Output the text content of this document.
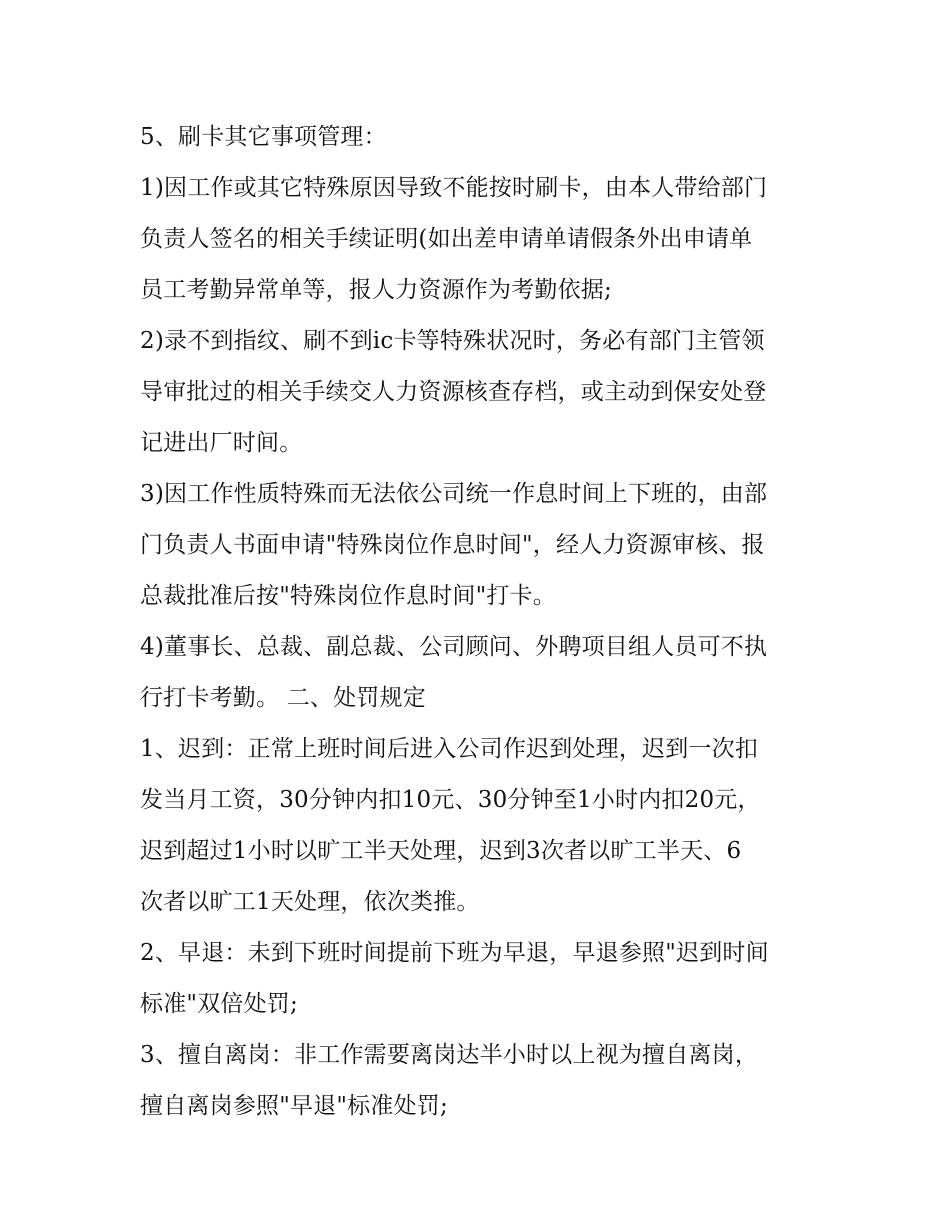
5、刷卡其它事项管理：
1)因工作或其它特殊原因导致不能按时刷卡，由本人带给部门
负责人签名的相关手续证明(如出差申请单请假条外出申请单
员工考勤异常单等，报人力资源作为考勤依据;
2)录不到指纹、刷不到ic卡等特殊状况时，务必有部门主管领
导审批过的相关手续交人力资源核查存档，或主动到保安处登
记进出厂时间。
3)因工作性质特殊而无法依公司统一作息时间上下班的，由部
门负责人书面申请"特殊岗位作息时间"，经人力资源审核、报
总裁批准后按"特殊岗位作息时间"打卡。
4)董事长、总裁、副总裁、公司顾问、外聘项目组人员可不执
行打卡考勤。 二、处罚规定
1、迟到：正常上班时间后进入公司作迟到处理，迟到一次扣
发当月工资，30分钟内扣10元、30分钟至1小时内扣20元，
迟到超过1小时以旷工半天处理，迟到3次者以旷工半天、6
次者以旷工1天处理，依次类推。
2、早退：未到下班时间提前下班为早退，早退参照"迟到时间
标准"双倍处罚;
3、擅自离岗：非工作需要离岗达半小时以上视为擅自离岗，
擅自离岗参照"早退"标准处罚;
